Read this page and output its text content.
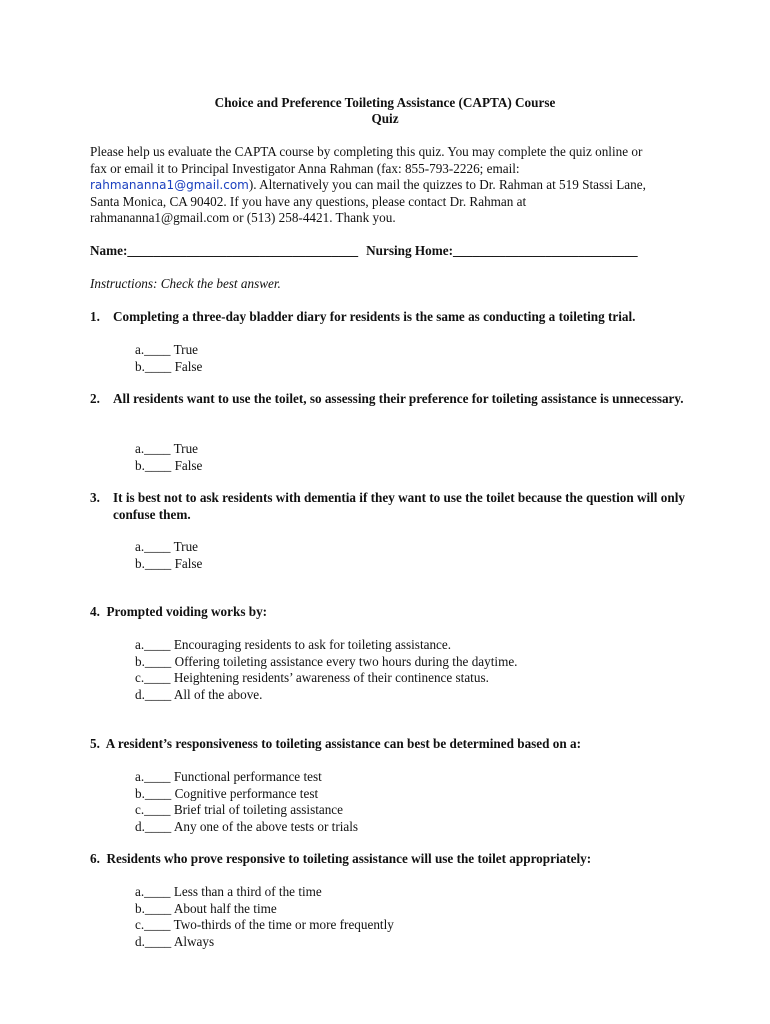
Choice and Preference Toileting Assistance (CAPTA) Course
Quiz
Please help us evaluate the CAPTA course by completing this quiz. You may complete the quiz online or
fax or email it to Principal Investigator Anna Rahman (fax: 855-793-2226; email:
rahmananna1@gmail.com). Alternatively you can mail the quizzes to Dr. Rahman at 519 Stassi Lane,
Santa Monica, CA 90402. If you have any questions, please contact Dr. Rahman at
rahmananna1@gmail.com or (513) 258-4421. Thank you.
Name:___________________________________ Nursing Home:____________________________
Instructions: Check the best answer.
1. Completing a three-day bladder diary for residents is the same as conducting a toileting trial.
a.____ True
b.____ False
2. All residents want to use the toilet, so assessing their preference for toileting assistance is unnecessary.
a.____ True
b.____ False
3. It is best not to ask residents with dementia if they want to use the toilet because the question will only confuse them.
a.____ True
b.____ False
4. Prompted voiding works by:
a.____ Encouraging residents to ask for toileting assistance.
b.____ Offering toileting assistance every two hours during the daytime.
c.____ Heightening residents’ awareness of their continence status.
d.____ All of the above.
5. A resident’s responsiveness to toileting assistance can best be determined based on a:
a.____ Functional performance test
b.____ Cognitive performance test
c.____ Brief trial of toileting assistance
d.____ Any one of the above tests or trials
6. Residents who prove responsive to toileting assistance will use the toilet appropriately:
a.____ Less than a third of the time
b.____ About half the time
c.____ Two-thirds of the time or more frequently
d.____ Always
